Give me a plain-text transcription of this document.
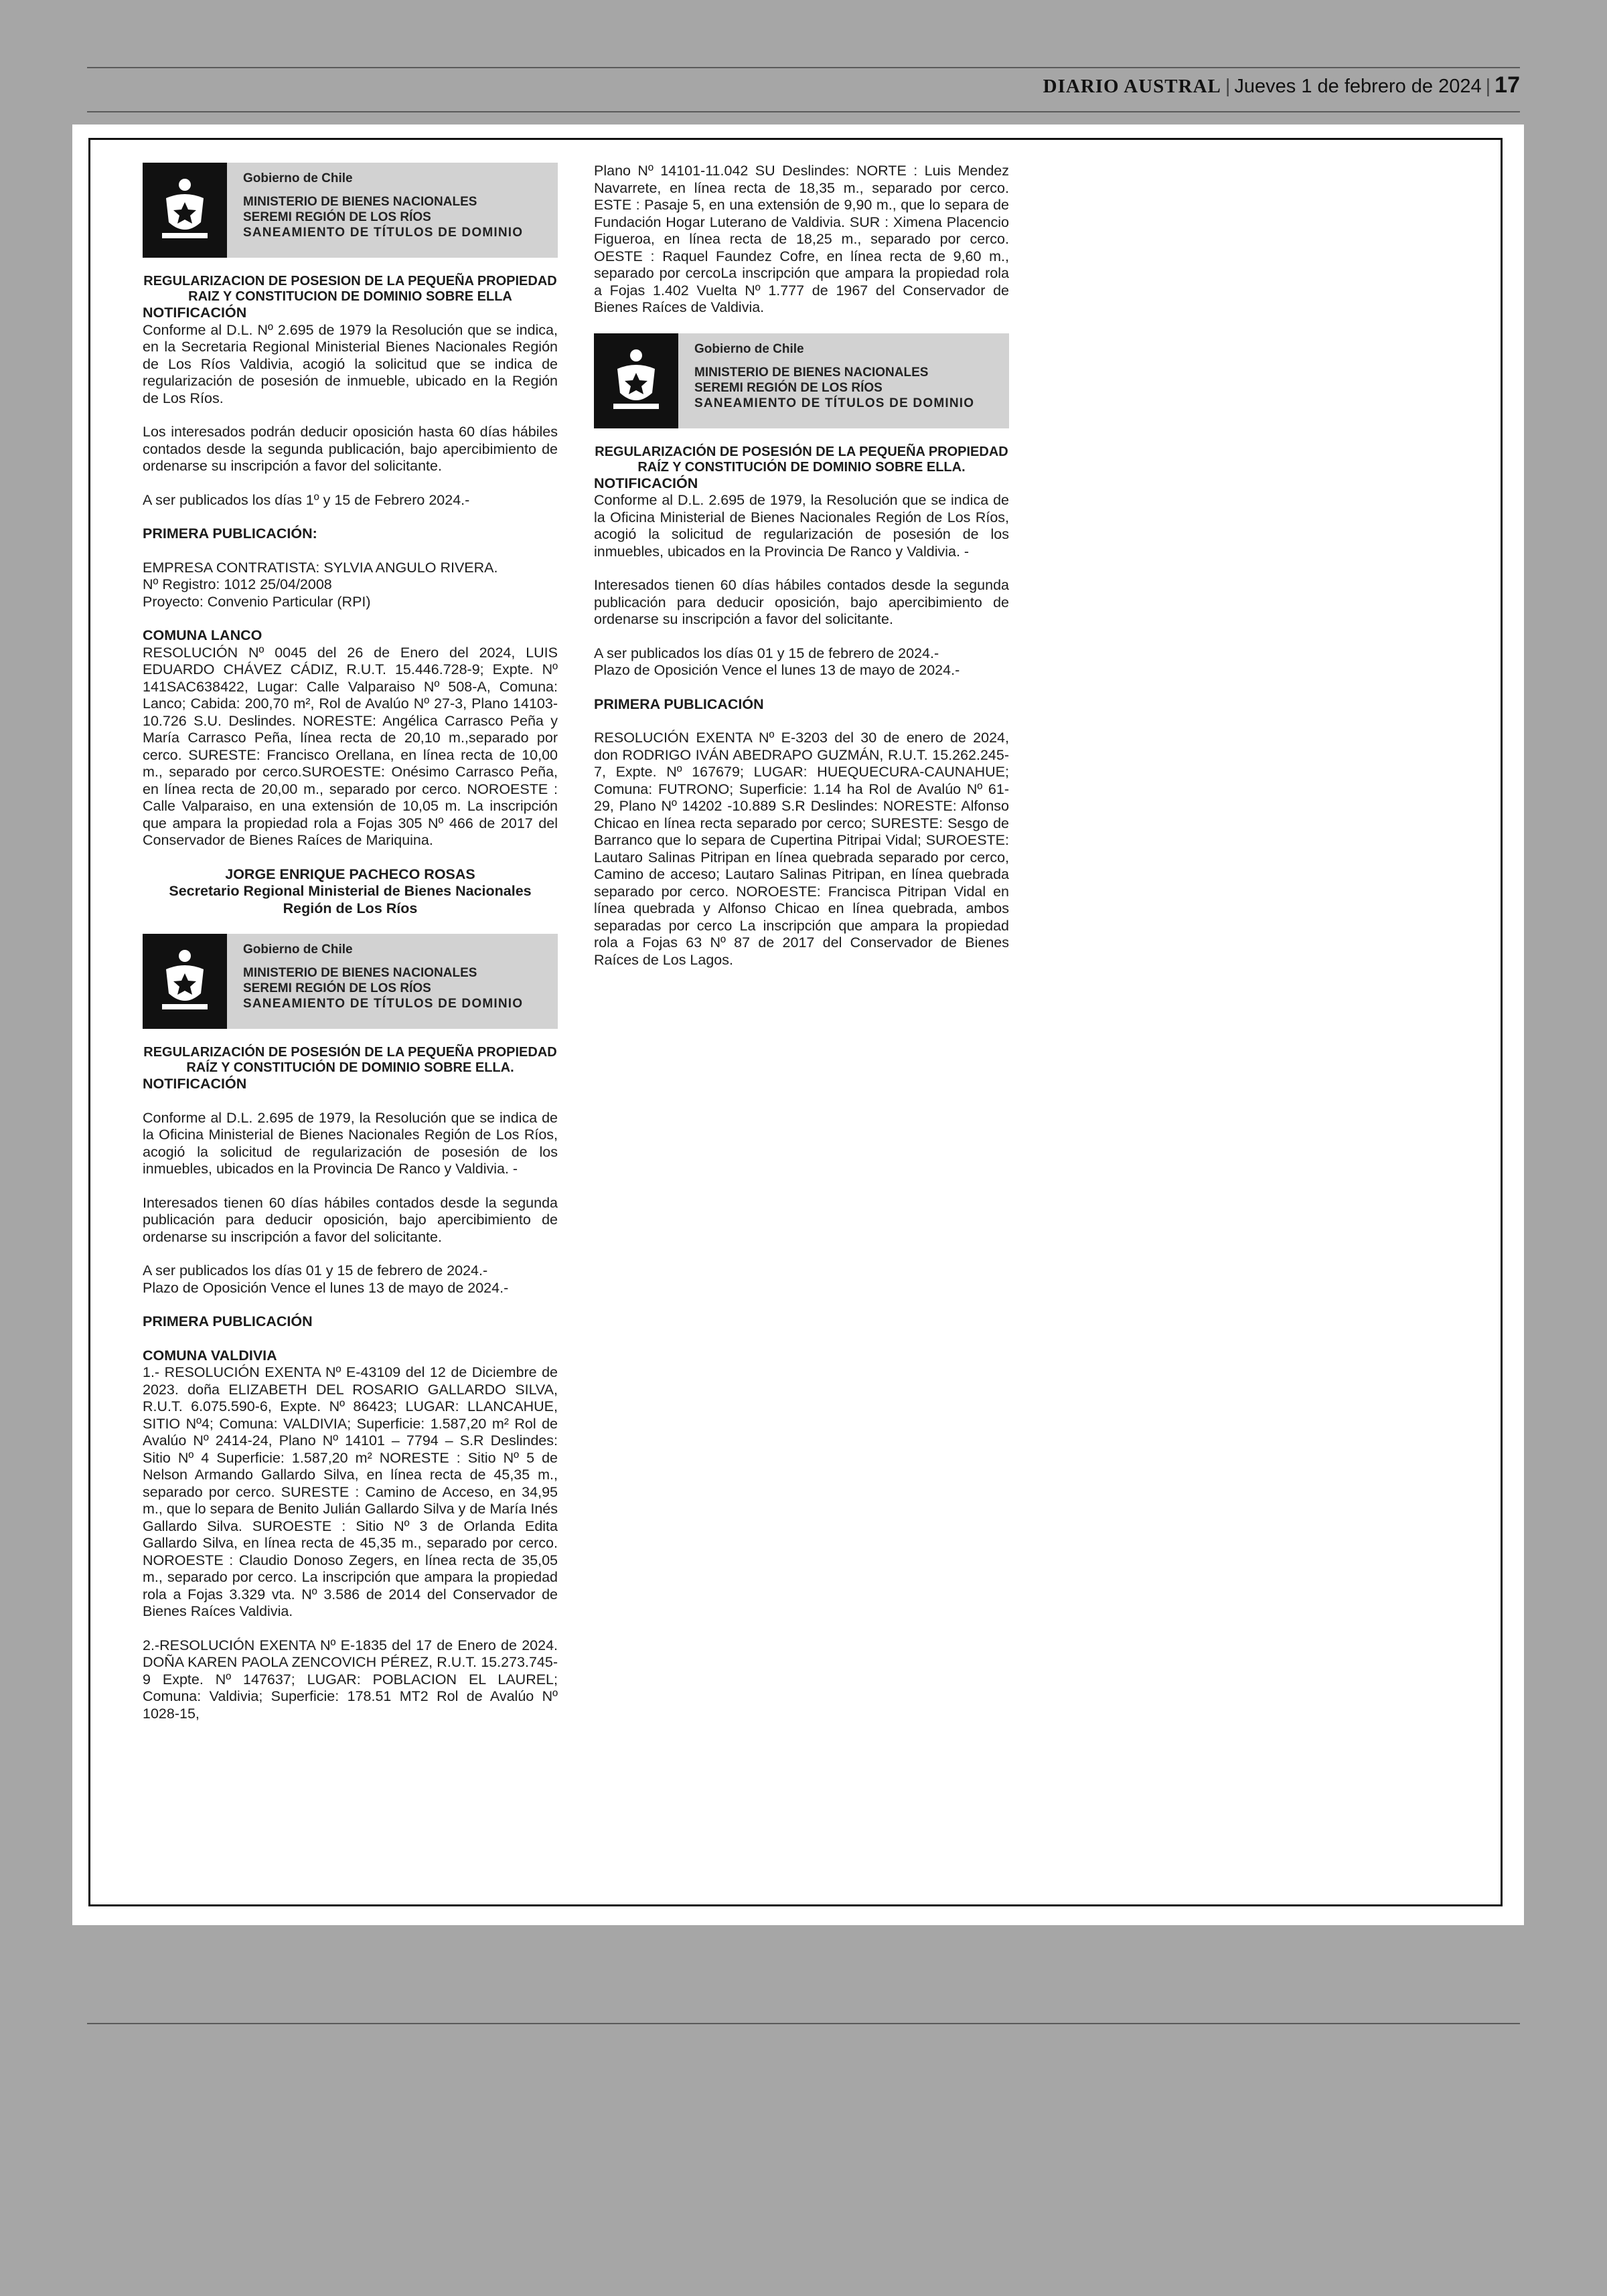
DIARIO AUSTRAL | Jueves 1 de febrero de 2024 | 17
Gobierno de Chile
MINISTERIO DE BIENES NACIONALES
SEREMI REGIÓN DE LOS RÍOS
SANEAMIENTO DE TÍTULOS DE DOMINIO

REGULARIZACION DE POSESION DE LA PEQUEÑA PROPIEDAD RAIZ Y CONSTITUCION DE DOMINIO SOBRE ELLA

NOTIFICACIÓN

Conforme al D.L. Nº 2.695 de 1979 la Resolución que se indica, en la Secretaria Regional Ministerial Bienes Nacionales Región de Los Ríos Valdivia, acogió la solicitud que se indica de regularización de posesión de inmueble, ubicado en la Región de Los Ríos.

Los interesados podrán deducir oposición hasta 60 días hábiles contados desde la segunda publicación, bajo apercibimiento de ordenarse su inscripción a favor del solicitante.

A ser publicados los días 1º y 15 de Febrero 2024.-

PRIMERA PUBLICACIÓN:

EMPRESA CONTRATISTA: SYLVIA ANGULO RIVERA.

Nº Registro: 1012 25/04/2008

Proyecto: Convenio Particular (RPI)

COMUNA LANCO

RESOLUCIÓN Nº 0045 del 26 de Enero del 2024, LUIS EDUARDO CHÁVEZ CÁDIZ, R.U.T. 15.446.728-9; Expte. Nº 141SAC638422, Lugar: Calle Valparaiso Nº 508-A, Comuna: Lanco; Cabida: 200,70 m², Rol de Avalúo Nº 27-3, Plano 14103-10.726 S.U. Deslindes. NORESTE: Angélica Carrasco Peña y María Carrasco Peña, línea recta de 20,10 m.,separado por cerco. SURESTE: Francisco Orellana, en línea recta de 10,00 m., separado por cerco.SUROESTE: Onésimo Carrasco Peña, en línea recta de 20,00 m., separado por cerco. NOROESTE : Calle Valparaiso, en una extensión de 10,05 m. La inscripción que ampara la propiedad rola a Fojas 305 Nº 466 de 2017 del Conservador de Bienes Raíces de Mariquina.

JORGE ENRIQUE PACHECO ROSAS

Secretario Regional Ministerial de Bienes Nacionales

Región de Los Ríos

Gobierno de Chile
MINISTERIO DE BIENES NACIONALES
SEREMI REGIÓN DE LOS RÍOS
SANEAMIENTO DE TÍTULOS DE DOMINIO

REGULARIZACIÓN DE POSESIÓN DE LA PEQUEÑA PROPIEDAD RAÍZ Y CONSTITUCIÓN DE DOMINIO SOBRE ELLA.

NOTIFICACIÓN

Conforme al D.L. 2.695 de 1979, la Resolución que se indica de la Oficina Ministerial de Bienes Nacionales Región de Los Ríos, acogió la solicitud de regularización de posesión de los inmuebles, ubicados en la Provincia De Ranco y Valdivia. -

Interesados tienen 60 días hábiles contados desde la segunda publicación para deducir oposición, bajo apercibimiento de ordenarse su inscripción a favor del solicitante.

A ser publicados los días 01 y 15 de febrero de 2024.-

Plazo de Oposición Vence el lunes 13 de mayo de 2024.-

PRIMERA PUBLICACIÓN

COMUNA VALDIVIA

1.- RESOLUCIÓN EXENTA Nº E-43109 del 12 de Diciembre de 2023. doña ELIZABETH DEL ROSARIO GALLARDO SILVA, R.U.T. 6.075.590-6, Expte. Nº 86423; LUGAR: LLANCAHUE, SITIO Nº4; Comuna: VALDIVIA; Superficie: 1.587,20 m² Rol de Avalúo Nº 2414-24, Plano Nº 14101 – 7794 – S.R Deslindes: Sitio Nº 4 Superficie: 1.587,20 m² NORESTE : Sitio Nº 5 de Nelson Armando Gallardo Silva, en línea recta de 45,35 m., separado por cerco. SURESTE : Camino de Acceso, en 34,95 m., que lo separa de Benito Julián Gallardo Silva y de María Inés Gallardo Silva. SUROESTE : Sitio Nº 3 de Orlanda Edita Gallardo Silva, en línea recta de 45,35 m., separado por cerco. NOROESTE : Claudio Donoso Zegers, en línea recta de 35,05 m., separado por cerco. La inscripción que ampara la propiedad rola a Fojas 3.329 vta. Nº 3.586 de 2014 del Conservador de Bienes Raíces Valdivia.

2.-RESOLUCIÓN EXENTA Nº E-1835 del 17 de Enero de 2024. DOÑA KAREN PAOLA ZENCOVICH PÉREZ, R.U.T. 15.273.745-9 Expte. Nº 147637; LUGAR: POBLACION EL LAUREL; Comuna: Valdivia; Superficie: 178.51 MT2 Rol de Avalúo Nº 1028-15,

Plano Nº 14101-11.042 SU Deslindes: NORTE : Luis Mendez Navarrete, en línea recta de 18,35 m., separado por cerco. ESTE : Pasaje 5, en una extensión de 9,90 m., que lo separa de Fundación Hogar Luterano de Valdivia. SUR : Ximena Placencio Figueroa, en línea recta de 18,25 m., separado por cerco. OESTE : Raquel Faundez Cofre, en línea recta de 9,60 m., separado por cercoLa inscripción que ampara la propiedad rola a Fojas 1.402 Vuelta Nº 1.777 de 1967 del Conservador de Bienes Raíces de Valdivia.

Gobierno de Chile
MINISTERIO DE BIENES NACIONALES
SEREMI REGIÓN DE LOS RÍOS
SANEAMIENTO DE TÍTULOS DE DOMINIO

REGULARIZACIÓN DE POSESIÓN DE LA PEQUEÑA PROPIEDAD RAÍZ Y CONSTITUCIÓN DE DOMINIO SOBRE ELLA.

NOTIFICACIÓN

Conforme al D.L. 2.695 de 1979, la Resolución que se indica de la Oficina Ministerial de Bienes Nacionales Región de Los Ríos, acogió la solicitud de regularización de posesión de los inmuebles, ubicados en la Provincia De Ranco y Valdivia. -

Interesados tienen 60 días hábiles contados desde la segunda publicación para deducir oposición, bajo apercibimiento de ordenarse su inscripción a favor del solicitante.

A ser publicados los días 01 y 15 de febrero de 2024.-

Plazo de Oposición Vence el lunes 13 de mayo de 2024.-

PRIMERA PUBLICACIÓN

RESOLUCIÓN EXENTA Nº E-3203 del 30 de enero de 2024, don RODRIGO IVÁN ABEDRAPO GUZMÁN, R.U.T. 15.262.245-7, Expte. Nº 167679; LUGAR: HUEQUECURA-CAUNAHUE; Comuna: FUTRONO; Superficie: 1.14 ha Rol de Avalúo Nº 61-29, Plano Nº 14202 -10.889 S.R Deslindes: NORESTE: Alfonso Chicao en línea recta separado por cerco; SURESTE: Sesgo de Barranco que lo separa de Cupertina Pitripai Vidal; SUROESTE: Lautaro Salinas Pitripan en línea quebrada separado por cerco, Camino de acceso; Lautaro Salinas Pitripan, en línea quebrada separado por cerco. NOROESTE: Francisca Pitripan Vidal en línea quebrada y Alfonso Chicao en línea quebrada, ambos separadas por cerco La inscripción que ampara la propiedad rola a Fojas 63 Nº 87 de 2017 del Conservador de Bienes Raíces de Los Lagos.
